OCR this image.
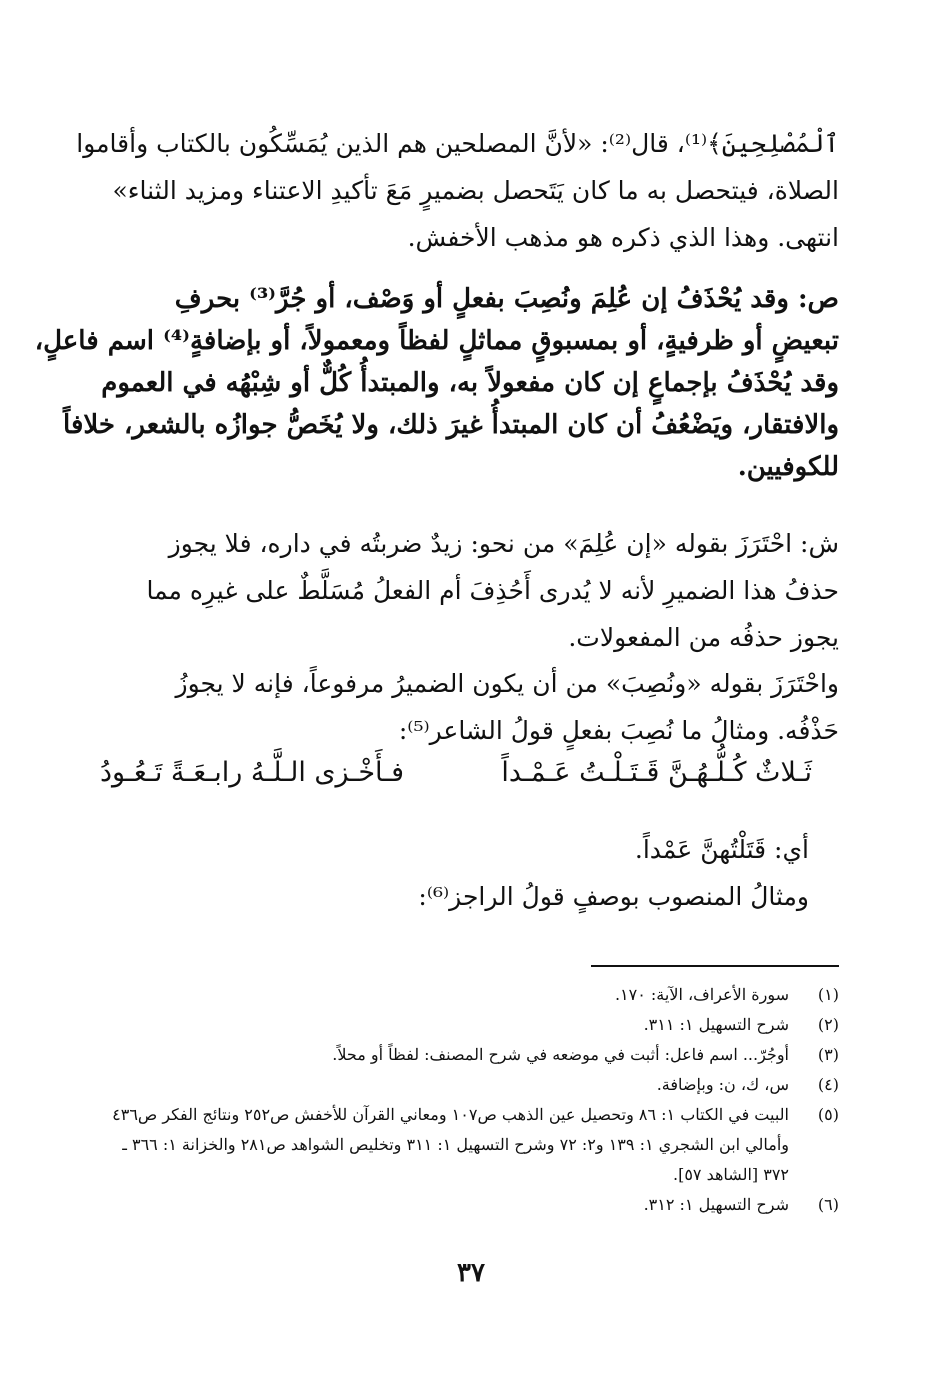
ٱلْمُصْلِحِينَ﴾⁽¹⁾، قال⁽²⁾: «لأنَّ المصلحين هم الذين يُمَسِّكُون بالكتاب وأقاموا
الصلاة، فيتحصل به ما كان يَتَحصل بضميرٍ مَعَ تأكيدِ الاعتناء ومزيد الثناء»
انتهى. وهذا الذي ذكره هو مذهب الأخفش.

ص: وقد يُحْذَفُ إن عُلِمَ ونُصِبَ بفعلٍ أو وَصْف، أو جُرَّ⁽³⁾ بحرفِ
تبعيضٍ أو ظرفيةٍ، أو بمسبوقٍ مماثلٍ لفظاً ومعمولاً، أو بإضافةٍ⁽⁴⁾ اسم فاعلٍ،
وقد يُحْذَفُ بإجماعٍ إن كان مفعولاً به، والمبتدأُ كُلٌّ أو شِبْهُه في العموم
والافتقار، ويَضْعُفُ أن كان المبتدأُ غيرَ ذلك، ولا يُخَصُّ جوازُه بالشعر، خلافاً
للكوفيين.

ش: احْتَرَزَ بقوله «إن عُلِمَ» من نحو: زيدٌ ضربتُه في داره، فلا يجوز
حذفُ هذا الضميرِ لأنه لا يُدرى أَحُذِفَ أم الفعلُ مُسَلَّطٌ على غيرِه مما
يجوز حذفُه من المفعولات.

واحْتَرَزَ بقوله «ونُصِبَ» من أن يكون الضميرُ مرفوعاً، فإنه لا يجوزُ
حَذْفُه. ومثالُ ما نُصِبَ بفعلٍ قولُ الشاعر⁽⁵⁾:

ثَـلاثٌ كُـلُّـهُـنَّ قَـتَـلْـتُ عَـمْـداً
فـأَخْـزى الـلَّـهُ رابـعَـةً تَـعُـودُ

أي: قَتَلْتُهنَّ عَمْداً.
ومثالُ المنصوب بوصفٍ قولُ الراجز⁽⁶⁾:

(١)
سورة الأعراف، الآية: ١٧٠.
(٢)
شرح التسهيل ١: ٣١١.
(٣)
أوجُرّ... اسم فاعل: أثبت في موضعه في شرح المصنف: لفظاً أو محلاً.
(٤)
س، ك، ن: وبإضافة.
(٥)
البيت في الكتاب ١: ٨٦ وتحصيل عين الذهب ص١٠٧ ومعاني القرآن للأخفش ص٢٥٢ ونتائج الفكر ص٤٣٦ وأمالي ابن الشجري ١: ١٣٩ و٢: ٧٢ وشرح التسهيل ١: ٣١١ وتخليص الشواهد ص٢٨١ والخزانة ١: ٣٦٦ ـ ٣٧٢ [الشاهد ٥٧].
(٦)
شرح التسهيل ١: ٣١٢.
٣٧
